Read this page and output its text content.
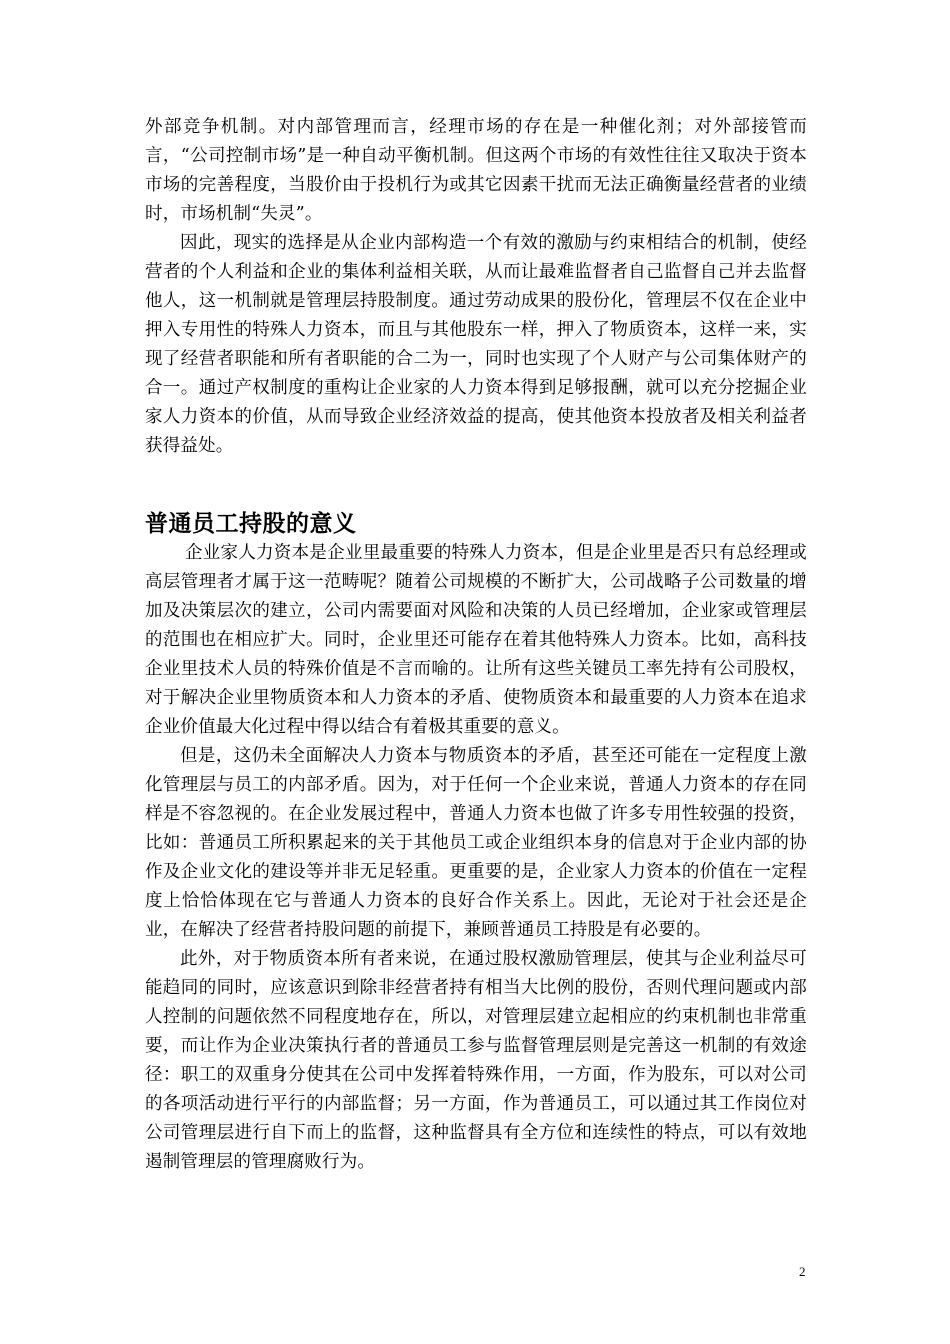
外部竞争机制。对内部管理而言，经理市场的存在是一种催化剂；对外部接管而言，“公司控制市场”是一种自动平衡机制。但这两个市场的有效性往往又取决于资本市场的完善程度，当股价由于投机行为或其它因素干扰而无法正确衡量经营者的业绩时，市场机制“失灵”。

因此，现实的选择是从企业内部构造一个有效的激励与约束相结合的机制，使经营者的个人利益和企业的集体利益相关联，从而让最难监督者自己监督自己并去监督他人，这一机制就是管理层持股制度。通过劳动成果的股份化，管理层不仅在企业中押入专用性的特殊人力资本，而且与其他股东一样，押入了物质资本，这样一来，实现了经营者职能和所有者职能的合二为一，同时也实现了个人财产与公司集体财产的合一。通过产权制度的重构让企业家的人力资本得到足够报酬，就可以充分挖掘企业家人力资本的价值，从而导致企业经济效益的提高，使其他资本投放者及相关利益者获得益处。

普通员工持股的意义

企业家人力资本是企业里最重要的特殊人力资本，但是企业里是否只有总经理或高层管理者才属于这一范畴呢？随着公司规模的不断扩大，公司战略子公司数量的增加及决策层次的建立，公司内需要面对风险和决策的人员已经增加，企业家或管理层的范围也在相应扩大。同时，企业里还可能存在着其他特殊人力资本。比如，高科技企业里技术人员的特殊价值是不言而喻的。让所有这些关键员工率先持有公司股权，对于解决企业里物质资本和人力资本的矛盾、使物质资本和最重要的人力资本在追求企业价值最大化过程中得以结合有着极其重要的意义。

但是，这仍未全面解决人力资本与物质资本的矛盾，甚至还可能在一定程度上激化管理层与员工的内部矛盾。因为，对于任何一个企业来说，普通人力资本的存在同样是不容忽视的。在企业发展过程中，普通人力资本也做了许多专用性较强的投资，比如：普通员工所积累起来的关于其他员工或企业组织本身的信息对于企业内部的协作及企业文化的建设等并非无足轻重。更重要的是，企业家人力资本的价值在一定程度上恰恰体现在它与普通人力资本的良好合作关系上。因此，无论对于社会还是企业，在解决了经营者持股问题的前提下，兼顾普通员工持股是有必要的。

此外，对于物质资本所有者来说，在通过股权激励管理层，使其与企业利益尽可能趋同的同时，应该意识到除非经营者持有相当大比例的股份，否则代理问题或内部人控制的问题依然不同程度地存在，所以，对管理层建立起相应的约束机制也非常重要，而让作为企业决策执行者的普通员工参与监督管理层则是完善这一机制的有效途径：职工的双重身分使其在公司中发挥着特殊作用，一方面，作为股东，可以对公司的各项活动进行平行的内部监督；另一方面，作为普通员工，可以通过其工作岗位对公司管理层进行自下而上的监督，这种监督具有全方位和连续性的特点，可以有效地遏制管理层的管理腐败行为。

2
